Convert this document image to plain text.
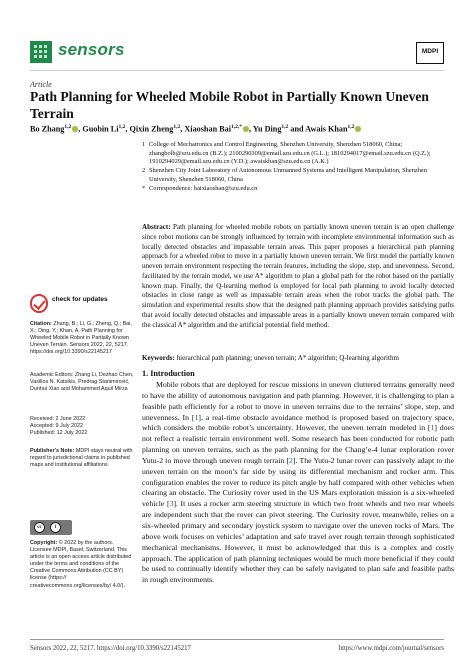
sensors	MDPI
Article
Path Planning for Wheeled Mobile Robot in Partially Known Uneven Terrain
Bo Zhang$^{1,2}$ , Guobin Li$^{1,2}$, Qixin Zheng$^{1,2}$, Xiaoshan Bai$^{1,2,*}$ , Yu Ding$^{1,2}$ and Awais Khan$^{1,2}$
1 College of Mechatronics and Control Engineering, Shenzhen University, Shenzhen 518060, China; zhangbolb@szu.edu.cn (B.Z.); 2100290309@email.szu.edu.cn (G.L.); 1810294017@email.szu.edu.cn (Q.Z.); 1910294029@email.szu.edu.cn (Y.D.); awaiskhan@szu.edu.cn (A.K.)
2 Shenzhen City Joint Laboratory of Autonomous Unmanned Systems and Intelligent Manipulation, Shenzhen University, Shenzhen 518060, China
* Correspondence: baixiaoshan@szu.edu.cn
check for updates
Citation: Zhang, B.; Li, G.; Zheng, Q.; Bai, X.; Ding, Y.; Khan, A. Path Planning for Wheeled Mobile Robot in Partially Known Uneven Terrain. Sensors 2022, 22, 5217. https://doi.org/10.3390/s22145217
Academic Editors: Zhang Li, Dezhao Chen, Vasilios N. Katsikis, Predrag Stanimirović, Dunhui Xiao and Mohammed Aquil Mirza
Received: 2 June 2022
Accepted: 9 July 2022
Published: 12 July 2022
Publisher’s Note: MDPI stays neutral with regard to jurisdictional claims in published maps and institutional affiliations.
cc	i
Copyright: © 2022 by the authors. Licensee MDPI, Basel, Switzerland. This article is an open access article distributed under the terms and conditions of the Creative Commons Attribution (CC BY) license (https:// creativecommons.org/licenses/by/ 4.0/).
Abstract: Path planning for wheeled mobile robots on partially known uneven terrain is an open challenge since robot motions can be strongly influenced by terrain with incomplete environmental information such as locally detected obstacles and impassable terrain areas. This paper proposes a hierarchical path planning approach for a wheeled robot to move in a partially known uneven terrain. We first model the partially known uneven terrain environment respecting the terrain features, including the slope, step, and unevenness. Second, facilitated by the terrain model, we use A* algorithm to plan a global path for the robot based on the partially known map. Finally, the Q-learning method is employed for local path planning to avoid locally detected obstacles in close range as well as impassable terrain areas when the robot tracks the global path. The simulation and experimental results show that the designed path planning approach provides satisfying paths that avoid locally detected obstacles and impassable areas in a partially known uneven terrain compared with the classical A* algorithm and the artificial potential field method.
Keywords: hierarchical path planning; uneven terrain; A* algorithm; Q-learning algorithm
1. Introduction
Mobile robots that are deployed for rescue missions in uneven cluttered terrains generally need to have the ability of autonomous navigation and path planning. However, it is challenging to plan a feasible path efficiently for a robot to move in uneven terrains due to the terrains’ slope, step, and unevenness. In [1], a real-time obstacle avoidance method is proposed based on trajectory space, which considers the mobile robot’s uncertainty. However, the uneven terrain modeled in [1] does not reflect a realistic terrain environment well. Some research has been conducted for robotic path planning on uneven terrains, such as the path planning for the Chang’e-4 lunar exploration rover Yutu-2 to move through uneven rough terrain [2]. The Yutu-2 lunar rover can passively adapt to the uneven terrain on the moon’s far side by using its differential mechanism and rocker arm. This configuration enables the rover to reduce its pitch angle by half compared with other vehicles when clearing an obstacle. The Curiosity rover used in the US Mars exploration mission is a six-wheeled vehicle [3]. It uses a rocker arm steering structure in which two front wheels and two rear wheels are independent such that the rover can pivot steering. The Curiosity rover, meanwhile, relies on a six-wheeled primary and secondary joystick system to navigate over the uneven rocks of Mars. The above work focuses on vehicles’ adaptation and safe travel over rough terrain through sophisticated mechanical mechanisms. However, it must be acknowledged that this is a complex and costly approach. The application of path planning techniques would be much more beneficial if they could be used to continually identify whether they can be safely navigated to plan safe and feasible paths in rough environments.
Sensors 2022, 22, 5217. https://doi.org/10.3390/s22145217	https://www.mdpi.com/journal/sensors
